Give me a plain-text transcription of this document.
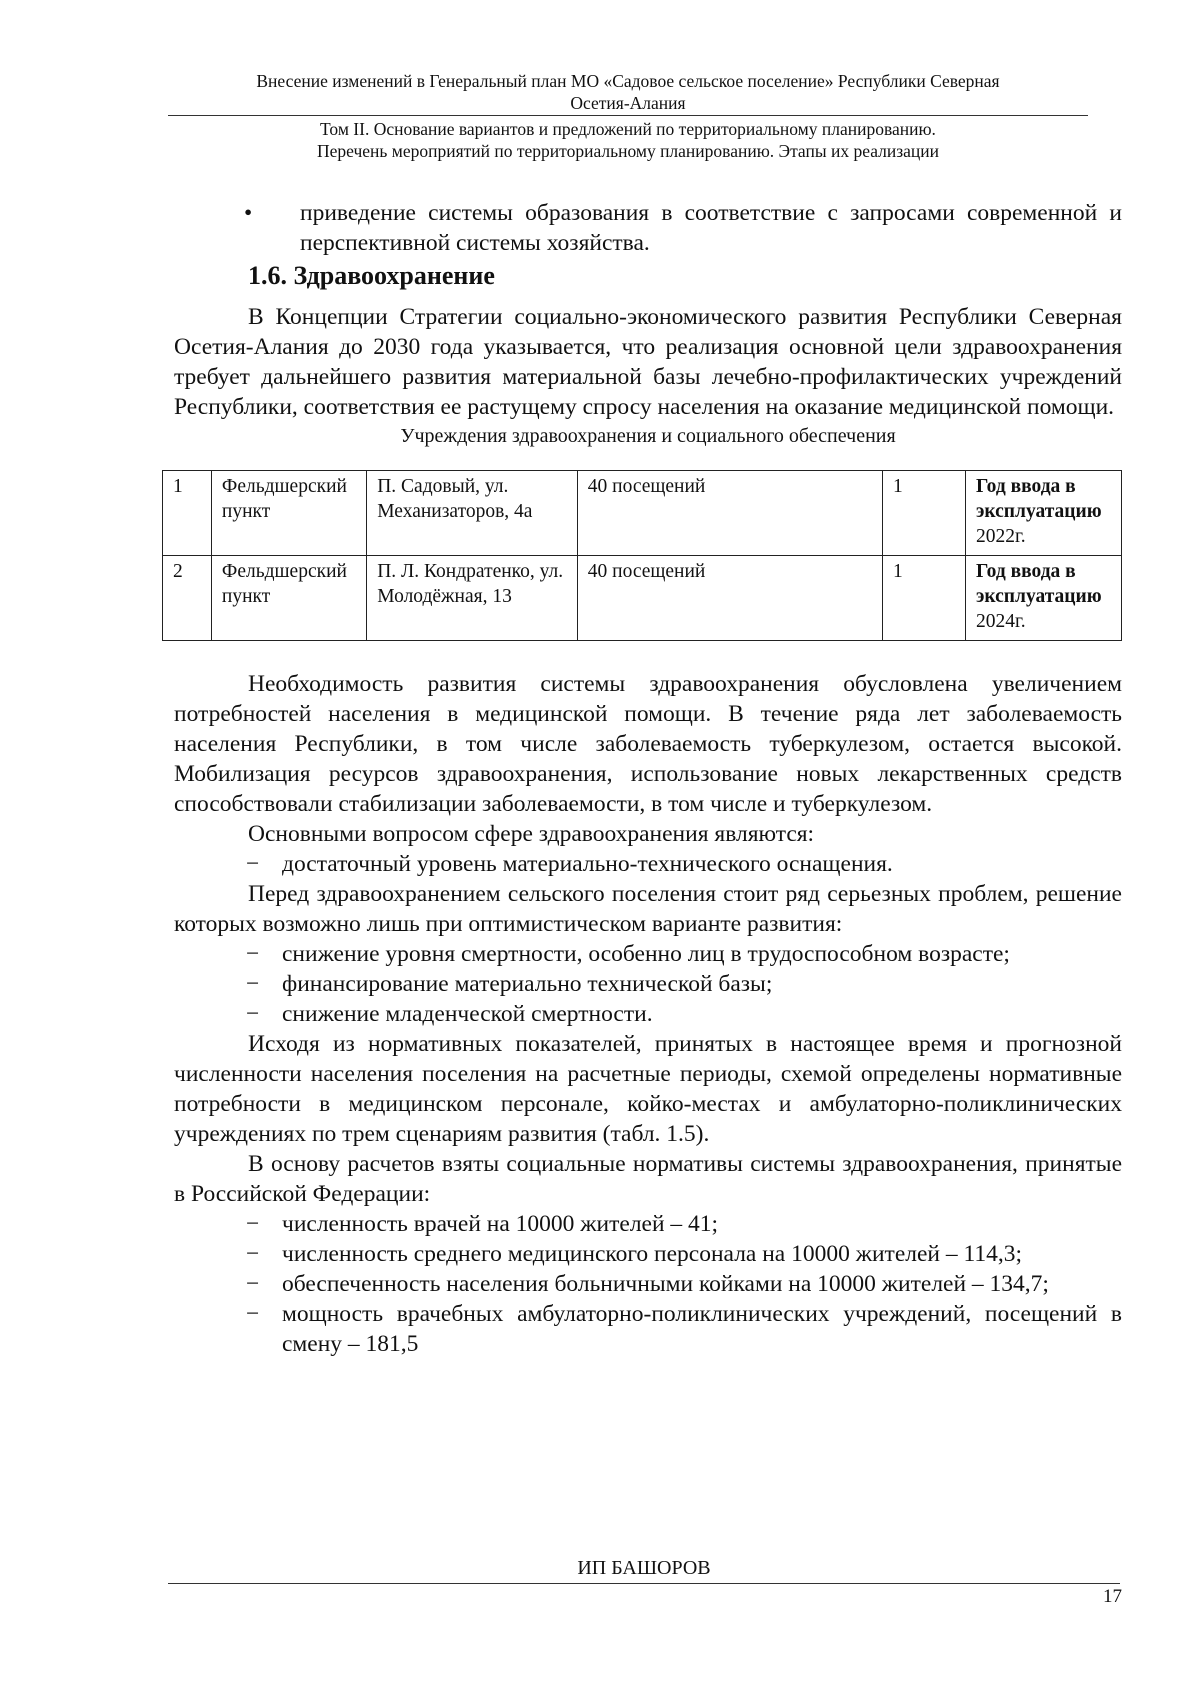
Внесение изменений в Генеральный план МО «Садовое сельское поселение» Республики Северная
Осетия-Алания
Том II. Основание вариантов и предложений по территориальному планированию.
Перечень мероприятий по территориальному планированию. Этапы их реализации
• приведение системы образования в соответствие с запросами современной и перспективной системы хозяйства.
1.6. Здравоохранение

В Концепции Стратегии социально-экономического развития Республики Северная Осетия-Алания до 2030 года указывается, что реализация основной цели здравоохранения требует дальнейшего развития материальной базы лечебно-профилактических учреждений Республики, соответствия ее растущему спросу населения на оказание медицинской помощи.

Учреждения здравоохранения и социального обеспечения
1	Фельдшерский пункт	П. Садовый, ул. Механизаторов, 4а	40 посещений	1	Год ввода в эксплуатацию 2022г.
2	Фельдшерский пункт	П. Л. Кондратенко, ул. Молодёжная, 13	40 посещений	1	Год ввода в эксплуатацию 2024г.

Необходимость развития системы здравоохранения обусловлена увеличением потребностей населения в медицинской помощи. В течение ряда лет заболеваемость населения Республики, в том числе заболеваемость туберкулезом, остается высокой. Мобилизация ресурсов здравоохранения, использование новых лекарственных средств способствовали стабилизации заболеваемости, в том числе и туберкулезом.

Основными вопросом сфере здравоохранения являются:

− достаточный уровень материально-технического оснащения.

Перед здравоохранением сельского поселения стоит ряд серьезных проблем, решение которых возможно лишь при оптимистическом варианте развития:

− снижение уровня смертности, особенно лиц в трудоспособном возрасте;
− финансирование материально технической базы;
− снижение младенческой смертности.

Исходя из нормативных показателей, принятых в настоящее время и прогнозной численности населения поселения на расчетные периоды, схемой определены нормативные потребности в медицинском персонале, койко-местах и амбулаторно-поликлинических учреждениях по трем сценариям развития (табл. 1.5).

В основу расчетов взяты социальные нормативы системы здравоохранения, принятые в Российской Федерации:

− численность врачей на 10000 жителей – 41;
− численность среднего медицинского персонала на 10000 жителей – 114,3;
− обеспеченность населения больничными койками на 10000 жителей – 134,7;
− мощность врачебных амбулаторно-поликлинических учреждений, посещений в смену – 181,5
ИП БАШОРОВ
17
